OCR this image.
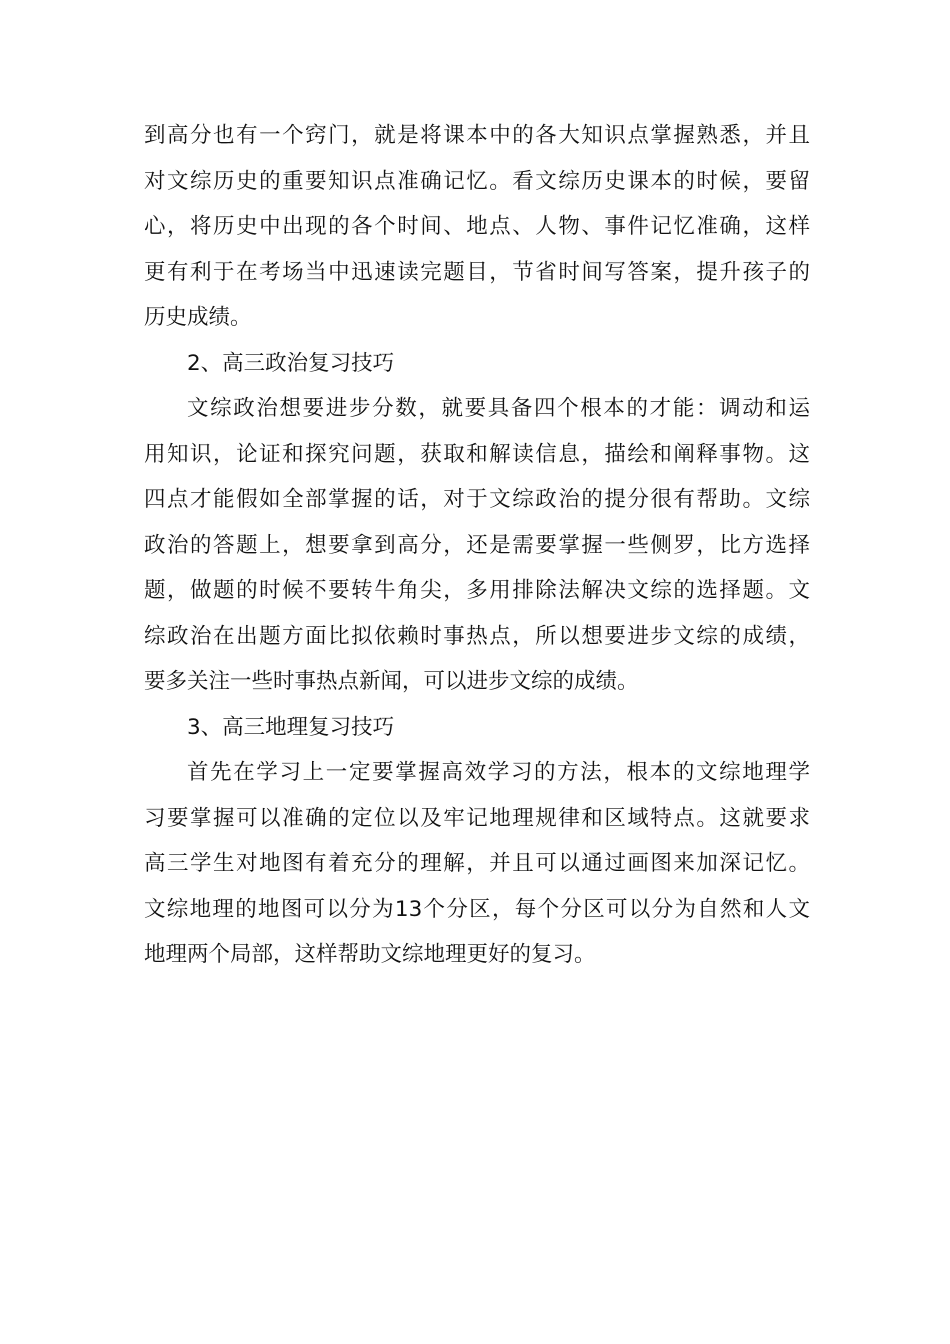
到高分也有一个窍门，就是将课本中的各大知识点掌握熟悉，并且
对文综历史的重要知识点准确记忆。看文综历史课本的时候，要留
心，将历史中出现的各个时间、地点、人物、事件记忆准确，这样
更有利于在考场当中迅速读完题目，节省时间写答案，提升孩子的
历史成绩。
2、高三政治复习技巧
文综政治想要进步分数，就要具备四个根本的才能：调动和运
用知识，论证和探究问题，获取和解读信息，描绘和阐释事物。这
四点才能假如全部掌握的话，对于文综政治的提分很有帮助。文综
政治的答题上，想要拿到高分，还是需要掌握一些侧罗，比方选择
题，做题的时候不要转牛角尖，多用排除法解决文综的选择题。文
综政治在出题方面比拟依赖时事热点，所以想要进步文综的成绩，
要多关注一些时事热点新闻，可以进步文综的成绩。
3、高三地理复习技巧
首先在学习上一定要掌握高效学习的方法，根本的文综地理学
习要掌握可以准确的定位以及牢记地理规律和区域特点。这就要求
高三学生对地图有着充分的理解，并且可以通过画图来加深记忆。
文综地理的地图可以分为13个分区，每个分区可以分为自然和人文
地理两个局部，这样帮助文综地理更好的复习。
